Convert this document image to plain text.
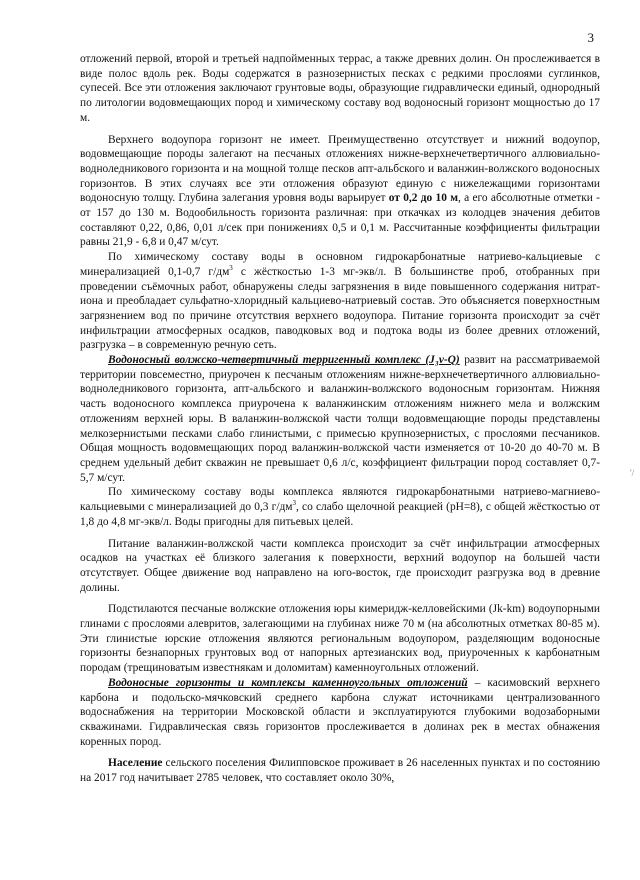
3
'/

отложений первой, второй и третьей надпойменных террас, а также древних долин. Он прослеживается в виде полос вдоль рек. Воды содержатся в разнозернистых песках с редкими прослоями суглинков, супесей. Все эти отложения заключают грунтовые воды, образующие гидравлически единый, однородный по литологии водовмещающих пород и химическому составу вод водоносный горизонт мощностью до 17 м.

Верхнего водоупора горизонт не имеет. Преимущественно отсутствует и нижний водоупор, водовмещающие породы залегают на песчаных отложениях нижне-верхнечетвертичного аллювиально-водноледникового горизонта и на мощной толще песков апт-альбского и валанжин-волжского водоносных горизонтов. В этих случаях все эти отложения образуют единую с нижележащими горизонтами водоносную толщу. Глубина залегания уровня воды варьирует от 0,2 до 10 м, а его абсолютные отметки - от 157 до 130 м. Водообильность горизонта различная: при откачках из колодцев значения дебитов составляют 0,22, 0,86, 0,01 л/сек при понижениях 0,5 и 0,1 м. Рассчитанные коэффициенты фильтрации равны 21,9 - 6,8 и 0,47 м/сут.

По химическому составу воды в основном гидрокарбонатные натриево-кальциевые с минерализацией 0,1-0,7 $г/дм^3$ с жёсткостью 1-3 мг-экв/л. В большинстве проб, отобранных при проведении съёмочных работ, обнаружены следы загрязнения в виде повышенного содержания нитрат-иона и преобладает сульфатно-хлоридный кальциево-натриевый состав. Это объясняется поверхностным загрязнением вод по причине отсутствия верхнего водоупора. Питание горизонта происходит за счёт инфильтрации атмосферных осадков, паводковых вод и подтока воды из более древних отложений, разгрузка – в современную речную сеть.

Водоносный волжско-четвертичный терригенный комплекс (J₃v-Q) развит на рассматриваемой территории повсеместно, приурочен к песчаным отложениям нижне-верхнечетвертичного аллювиально-водноледникового горизонта, апт-альбского и валанжин-волжского водоносным горизонтам. Нижняя часть водоносного комплекса приурочена к валанжинским отложениям нижнего мела и волжским отложениям верхней юры. В валанжин-волжской части толщи водовмещающие породы представлены мелкозернистыми песками слабо глинистыми, с примесью крупнозернистых, с прослоями песчаников. Общая мощность водовмещающих пород валанжин-волжской части изменяется от 10-20 до 40-70 м. В среднем удельный дебит скважин не превышает 0,6 л/с, коэффициент фильтрации пород составляет 0,7-5,7 м/сут.

По химическому составу воды комплекса являются гидрокарбонатными натриево-магниево-кальциевыми с минерализацией до 0,3 $г/дм^3$, со слабо щелочной реакцией (pH=8), с общей жёсткостью от 1,8 до 4,8 мг-экв/л. Воды пригодны для питьевых целей.

Питание валанжин-волжской части комплекса происходит за счёт инфильтрации атмосферных осадков на участках её близкого залегания к поверхности, верхний водоупор на большей части отсутствует. Общее движение вод направлено на юго-восток, где происходит разгрузка вод в древние долины.

Подстилаются песчаные волжские отложения юры кимеридж-келловейскими (Jk-km) водоупорными глинами с прослоями алевритов, залегающими на глубинах ниже 70 м (на абсолютных отметках 80-85 м). Эти глинистые юрские отложения являются региональным водоупором, разделяющим водоносные горизонты безнапорных грунтовых вод от напорных артезианских вод, приуроченных к карбонатным породам (трещиноватым известнякам и доломитам) каменноугольных отложений.

Водоносные горизонты и комплексы каменноугольных отложений – касимовский верхнего карбона и подольско-мячковский среднего карбона служат источниками централизованного водоснабжения на территории Московской области и эксплуатируются глубокими водозаборными скважинами. Гидравлическая связь горизонтов прослеживается в долинах рек в местах обнажения коренных пород.

Население сельского поселения Филипповское проживает в 26 населенных пунктах и по состоянию на 2017 год начитывает 2785 человек, что составляет около 30%,
